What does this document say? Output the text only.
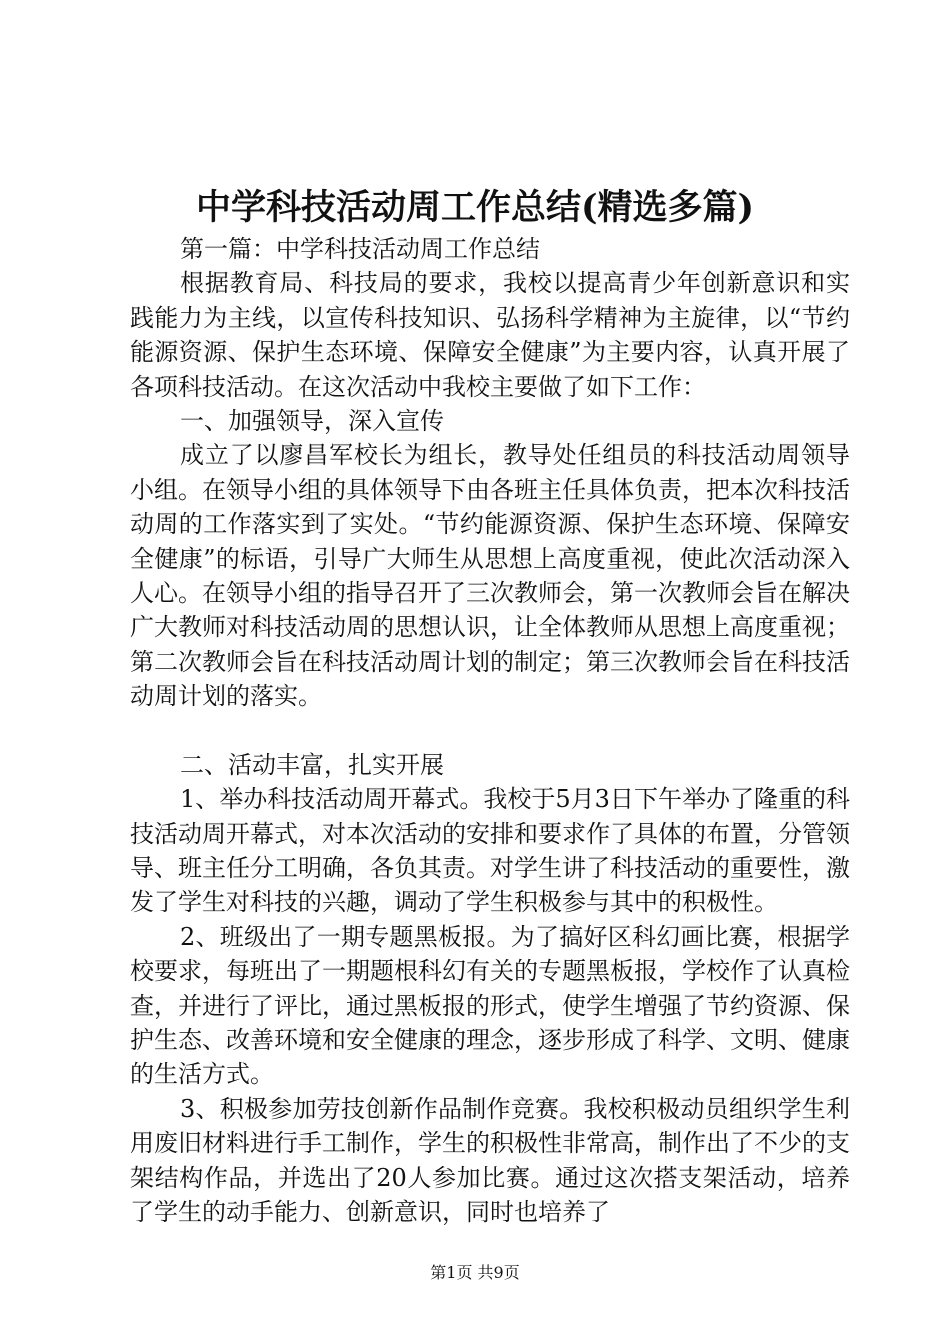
中学科技活动周工作总结(精选多篇)

第一篇：中学科技活动周工作总结

根据教育局、科技局的要求，我校以提高青少年创新意识和实践能力为主线，以宣传科技知识、弘扬科学精神为主旋律，以“节约能源资源、保护生态环境、保障安全健康”为主要内容，认真开展了各项科技活动。在这次活动中我校主要做了如下工作：

一、加强领导，深入宣传

成立了以廖昌军校长为组长，教导处任组员的科技活动周领导小组。在领导小组的具体领导下由各班主任具体负责，把本次科技活动周的工作落实到了实处。“节约能源资源、保护生态环境、保障安全健康”的标语，引导广大师生从思想上高度重视，使此次活动深入人心。在领导小组的指导召开了三次教师会，第一次教师会旨在解决广大教师对科技活动周的思想认识，让全体教师从思想上高度重视；第二次教师会旨在科技活动周计划的制定；第三次教师会旨在科技活动周计划的落实。

二、活动丰富，扎实开展

1、举办科技活动周开幕式。我校于5月3日下午举办了隆重的科技活动周开幕式，对本次活动的安排和要求作了具体的布置，分管领导、班主任分工明确，各负其责。对学生讲了科技活动的重要性，激发了学生对科技的兴趣，调动了学生积极参与其中的积极性。

2、班级出了一期专题黑板报。为了搞好区科幻画比赛，根据学校要求，每班出了一期题根科幻有关的专题黑板报，学校作了认真检查，并进行了评比，通过黑板报的形式，使学生增强了节约资源、保护生态、改善环境和安全健康的理念，逐步形成了科学、文明、健康的生活方式。

3、积极参加劳技创新作品制作竞赛。我校积极动员组织学生利用废旧材料进行手工制作，学生的积极性非常高，制作出了不少的支架结构作品，并选出了20人参加比赛。通过这次搭支架活动，培养了学生的动手能力、创新意识，同时也培养了

第1页 共9页
